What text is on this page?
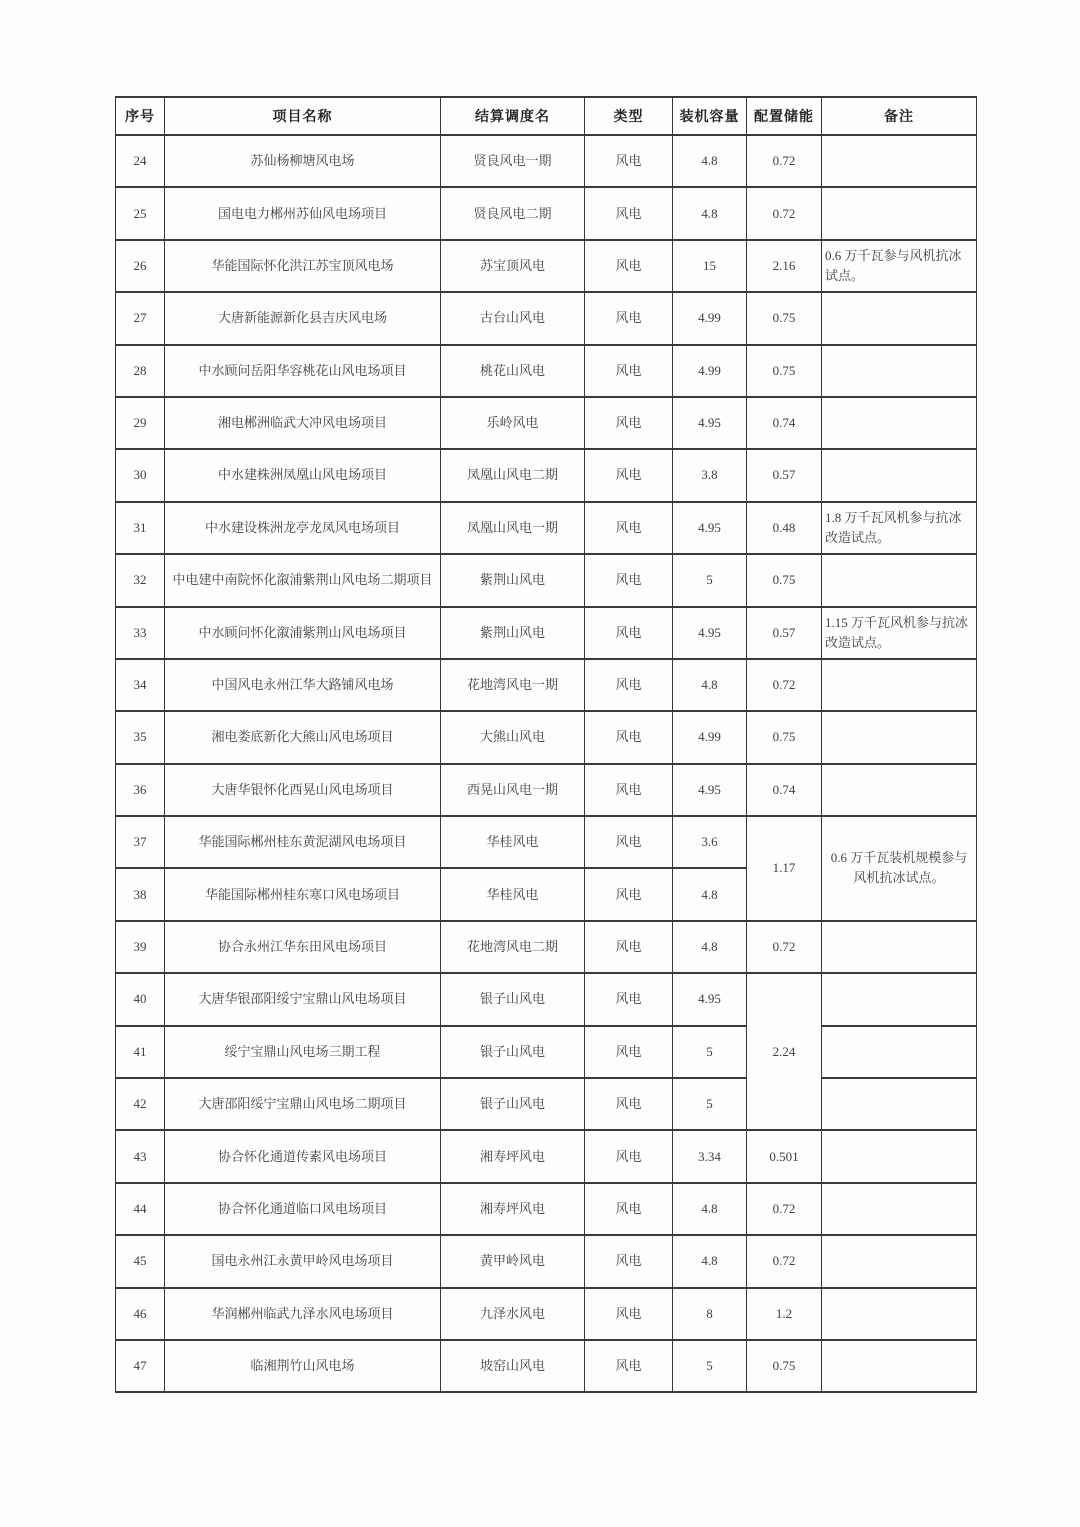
序号	项目名称	结算调度名	类型	装机容量	配置储能	备注
24	苏仙杨柳塘风电场	贤良风电一期	风电	4.8	0.72	
25	国电电力郴州苏仙风电场项目	贤良风电二期	风电	4.8	0.72	
26	华能国际怀化洪江苏宝顶风电场	苏宝顶风电	风电	15	2.16	0.6 万千瓦参与风机抗冰试点。
27	大唐新能源新化县吉庆风电场	古台山风电	风电	4.99	0.75	
28	中水顾问岳阳华容桃花山风电场项目	桃花山风电	风电	4.99	0.75	
29	湘电郴洲临武大冲风电场项目	乐岭风电	风电	4.95	0.74	
30	中水建株洲凤凰山风电场项目	凤凰山风电二期	风电	3.8	0.57	
31	中水建设株洲龙亭龙凤风电场项目	凤凰山风电一期	风电	4.95	0.48	1.8 万千瓦风机参与抗冰改造试点。
32	中电建中南院怀化溆浦紫荆山风电场二期项目	紫荆山风电	风电	5	0.75	
33	中水顾问怀化溆浦紫荆山风电场项目	紫荆山风电	风电	4.95	0.57	1.15 万千瓦风机参与抗冰改造试点。
34	中国风电永州江华大路铺风电场	花地湾风电一期	风电	4.8	0.72	
35	湘电娄底新化大熊山风电场项目	大熊山风电	风电	4.99	0.75	
36	大唐华银怀化西晃山风电场项目	西晃山风电一期	风电	4.95	0.74	
37	华能国际郴州桂东黄泥湖风电场项目	华桂风电	风电	3.6	1.17	0.6 万千瓦装机规模参与风机抗冰试点。
38	华能国际郴州桂东寒口风电场项目	华桂风电	风电	4.8		
39	协合永州江华东田风电场项目	花地湾风电二期	风电	4.8	0.72	
40	大唐华银邵阳绥宁宝鼎山风电场项目	银子山风电	风电	4.95	2.24	
41	绥宁宝鼎山风电场三期工程	银子山风电	风电	5		
42	大唐邵阳绥宁宝鼎山风电场二期项目	银子山风电	风电	5		
43	协合怀化通道传素风电场项目	湘寿坪风电	风电	3.34	0.501	
44	协合怀化通道临口风电场项目	湘寿坪风电	风电	4.8	0.72	
45	国电永州江永黄甲岭风电场项目	黄甲岭风电	风电	4.8	0.72	
46	华润郴州临武九泽水风电场项目	九泽水风电	风电	8	1.2	
47	临湘荆竹山风电场	坡窑山风电	风电	5	0.75	
